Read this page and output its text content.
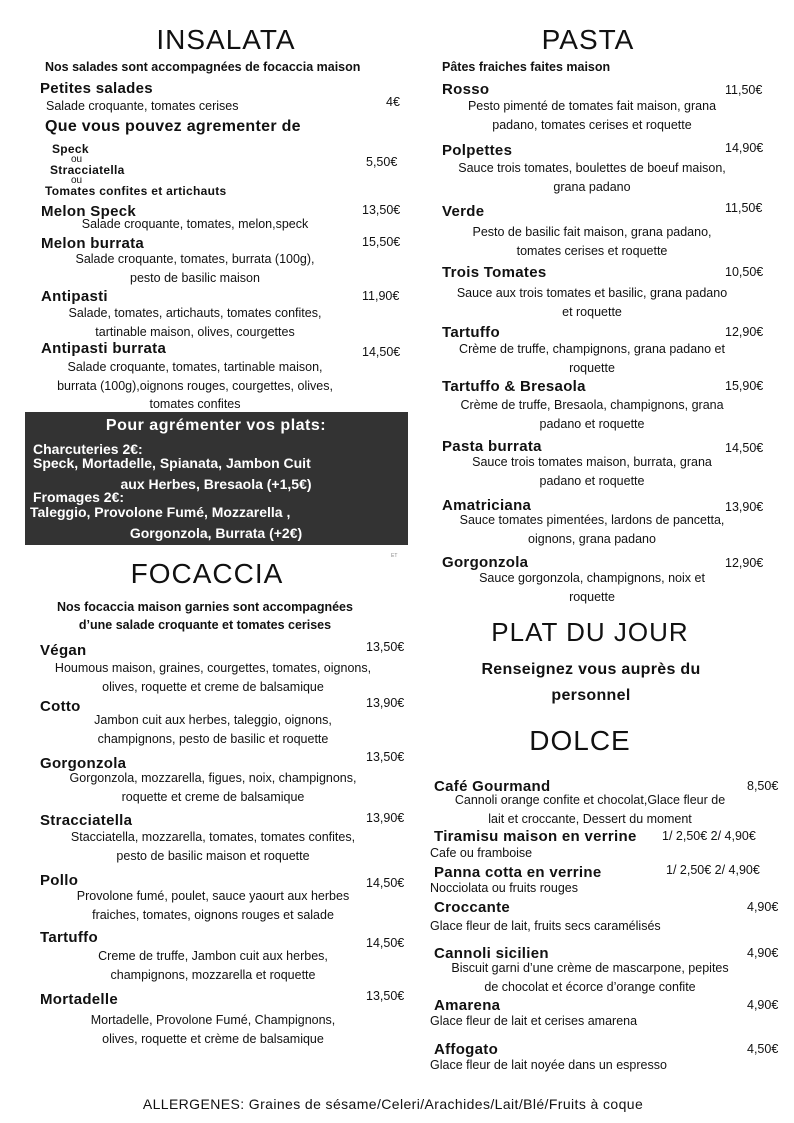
INSALATA
Nos salades sont accompagnées de focaccia maison
Petites salades
4€
Salade croquante, tomates cerises
Que vous pouvez agrementer de
Speck
ou
Stracciatella
ou
Tomates confites et artichauts
5,50€
Pour agrémenter vos plats:
Charcuteries 2€:
Speck, Mortadelle, Spianata, Jambon Cuit
aux Herbes, Bresaola (+1,5€)
Fromages 2€:
Taleggio, Provolone Fumé, Mozzarella ,
Gorgonzola, Burrata (+2€)
ET
FOCACCIA
Nos focaccia maison garnies sont accompagnées
d’une salade croquante et tomates cerises
PASTA
Pâtes fraiches faites maison
PLAT DU JOUR
Renseignez vous auprès du
personnel
DOLCE
Melon Speck	13,50€
Salade croquante, tomates, melon,speck
Melon burrata	15,50€
Salade croquante, tomates, burrata (100g),
pesto de basilic maison
Antipasti	11,90€
Salade, tomates, artichauts, tomates confites,
tartinable maison, olives, courgettes
Antipasti burrata	14,50€
Salade croquante, tomates, tartinable maison,
burrata (100g),oignons rouges, courgettes, olives,
tomates confites
Végan	13,50€
Houmous maison, graines, courgettes, tomates, oignons,
olives, roquette et creme de balsamique
Cotto	13,90€
Jambon cuit aux herbes, taleggio, oignons,
champignons, pesto de basilic et roquette
Gorgonzola	13,50€
Gorgonzola, mozzarella, figues, noix, champignons,
roquette et creme de balsamique
Stracciatella	13,90€
Stacciatella, mozzarella, tomates, tomates confites,
pesto de basilic maison et roquette
Pollo	14,50€
Provolone fumé, poulet, sauce yaourt aux herbes
fraiches, tomates, oignons rouges et salade
Tartuffo	14,50€
Creme de truffe, Jambon cuit aux herbes,
champignons, mozzarella et roquette
Mortadelle	13,50€
Mortadelle, Provolone Fumé, Champignons,
olives, roquette et crème de balsamique
Rosso	11,50€
Pesto pimenté de tomates fait maison, grana
padano, tomates cerises et roquette
Polpettes	14,90€
Sauce trois tomates, boulettes de boeuf maison,
grana padano
Verde	11,50€
Pesto de basilic fait maison, grana padano,
tomates cerises et roquette
Trois Tomates	10,50€
Sauce aux trois tomates et basilic, grana padano
et roquette
Tartuffo	12,90€
Crème de truffe, champignons, grana padano et
roquette
Tartuffo & Bresaola	15,90€
Crème de truffe, Bresaola, champignons, grana
padano et roquette
Pasta burrata	14,50€
Sauce trois tomates maison, burrata, grana
padano et roquette
Amatriciana	13,90€
Sauce tomates pimentées, lardons de pancetta,
oignons, grana padano
Gorgonzola	12,90€
Sauce gorgonzola, champignons, noix et
roquette
Café Gourmand	8,50€
Cannoli orange confite et chocolat,Glace fleur de
lait et croccante, Dessert du moment
Tiramisu maison en verrine 1/ 2,50€ 2/ 4,90€
Cafe ou framboise
Panna cotta en verrine	1/ 2,50€ 2/ 4,90€
Nocciolata ou fruits rouges
Croccante	4,90€
Glace fleur de lait, fruits secs caramélisés
Cannoli sicilien	4,90€
Biscuit garni d’une crème de mascarpone, pepites
de chocolat et écorce d’orange confite
Amarena	4,90€
Glace fleur de lait et cerises amarena
Affogato	4,50€
Glace fleur de lait noyée dans un espresso
ALLERGENES: Graines de sésame/Celeri/Arachides/Lait/Blé/Fruits à coque
